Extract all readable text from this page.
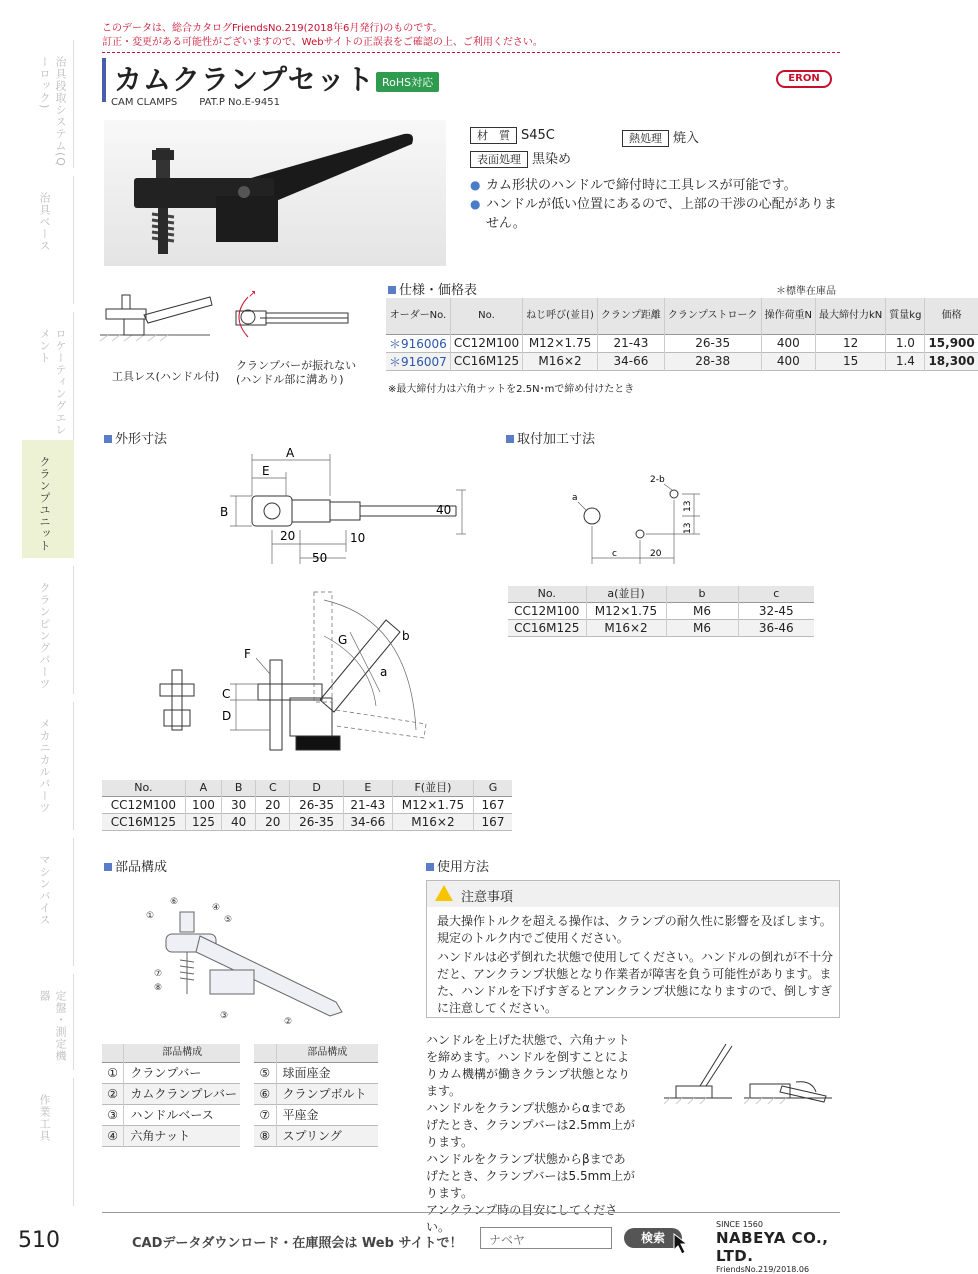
このデータは、総合カタログFriendsNo.219(2018年6月発行)のものです。
訂正・変更がある可能性がございますので、Webサイトの正誤表をご確認の上、ご利用ください。
治具段取システム(Qーロック)
治具ベース
ロケーティングエレメント
クランプユニット
クランピングパーツ
メカニカルパーツ
マシンバイス
定盤・測定機器
作業工具
カムクランプセット RoHS対応
CAM CLAMPS PAT.P No.E-9451
ERON
材　質 S45C	熱処理 焼入
表面処理 黒染め
● カム形状のハンドルで締付時に工具レスが可能です。
● ハンドルが低い位置にあるので、上部の干渉の心配がありません。
↗
工具レス(ハンドル付)
クランプバーが振れない
(ハンドル部に溝あり)
仕様・価格表	＊標準在庫品
オーダーNo.	No.	ねじ呼び(並目)	クランプ距離	クランプストローク	操作荷重N	最大締付力kN	質量kg	価格
＊916006	CC12M100	M12×1.75	21-43	26-35	400	12	1.0	15,900
＊916007	CC16M125	M16×2	34-66	28-38	400	15	1.4	18,300
※最大締付力は六角ナットを2.5N･mで締め付けたとき
外形寸法
A
E
B	40
20	10
50
F
C
D
G	b
a
No.	A	B	C	D	E	F(並目)	G
CC12M100	100	30	20	26-35	21-43	M12×1.75	167
CC16M125	125	40	20	26-35	34-66	M16×2	167
取付加工寸法
a
2-b
c	20
13
13
No.	a(並目)	b	c
CC12M100	M12×1.75	M6	32-45
CC16M125	M16×2	M6	36-46
部品構成
①
②
③
④
⑤
⑥
⑦
⑧
	部品構成
①	クランプバー
②	カムクランプレバー
③	ハンドルベース
④	六角ナット
	部品構成
⑤	球面座金
⑥	クランプボルト
⑦	平座金
⑧	スプリング
使用方法
注意事項
最大操作トルクを超える操作は、クランプの耐久性に影響を及ぼします。規定のトルク内でご使用ください。
ハンドルは必ず倒れた状態で使用してください。ハンドルの倒れが不十分だと、アンクランプ状態となり作業者が障害を負う可能性があります。また、ハンドルを下げすぎるとアンクランプ状態になりますので、倒しすぎに注意してください。
ハンドルを上げた状態で、六角ナットを締めます。ハンドルを倒すことによりカム機構が働きクランプ状態となります。
ハンドルをクランプ状態からαまであげたとき、クランプバーは2.5mm上がります。
ハンドルをクランプ状態からβまであげたとき、クランプバーは5.5mm上がります。
アンクランプ時の目安にしてください。
510	CADデータダウンロード・在庫照会は Web サイトで！	ナベヤ	検索
SINCE 1560
NABEYA CO., LTD.
FriendsNo.219/2018.06
